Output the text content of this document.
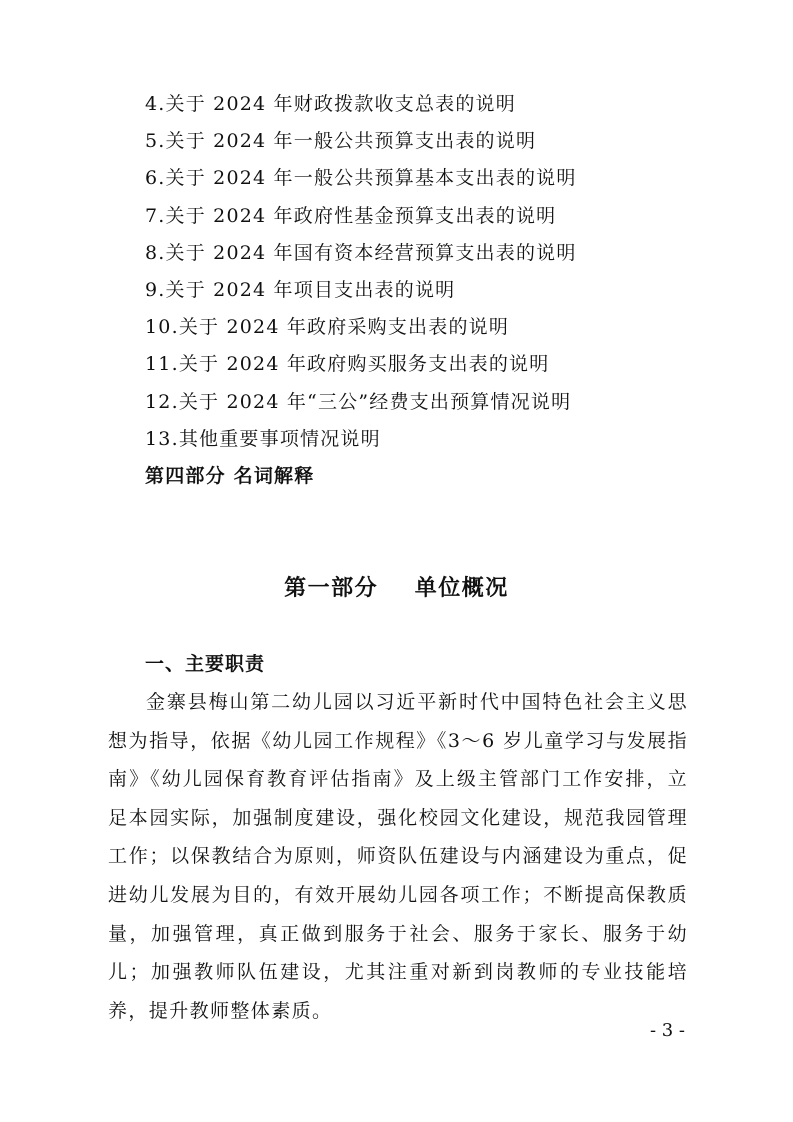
4.关于 2024 年财政拨款收支总表的说明
5.关于 2024 年一般公共预算支出表的说明
6.关于 2024 年一般公共预算基本支出表的说明
7.关于 2024 年政府性基金预算支出表的说明
8.关于 2024 年国有资本经营预算支出表的说明
9.关于 2024 年项目支出表的说明
10.关于 2024 年政府采购支出表的说明
11.关于 2024 年政府购买服务支出表的说明
12.关于 2024 年“三公”经费支出预算情况说明
13.其他重要事项情况说明
第四部分 名词解释
第一部分    单位概况
一、主要职责

金寨县梅山第二幼儿园以习近平新时代中国特色社会主义思想为指导，依据《幼儿园工作规程》《3～6 岁儿童学习与发展指南》《幼儿园保育教育评估指南》及上级主管部门工作安排，立足本园实际，加强制度建设，强化校园文化建设，规范我园管理工作；以保教结合为原则，师资队伍建设与内涵建设为重点，促进幼儿发展为目的，有效开展幼儿园各项工作；不断提高保教质量，加强管理，真正做到服务于社会、服务于家长、服务于幼儿；加强教师队伍建设，尤其注重对新到岗教师的专业技能培养，提升教师整体素质。

- 3 -
